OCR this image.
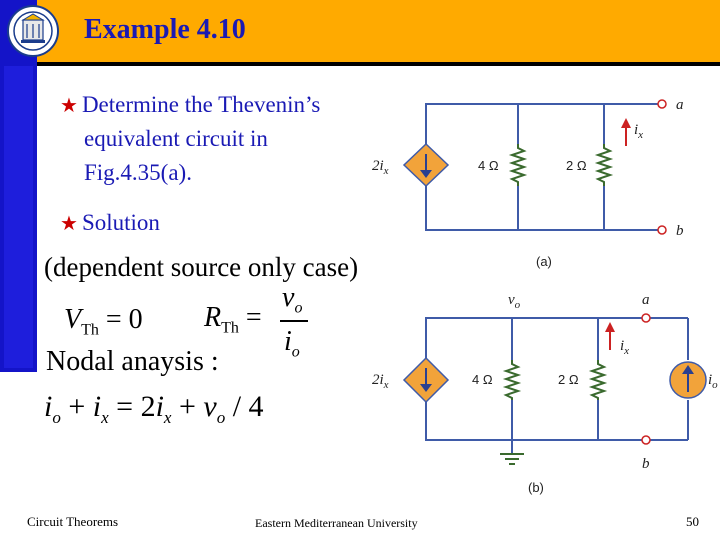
Example 4.10
★ Determine the Thevenin’s
equivalent circuit in
Fig.4.35(a).
★ Solution
(dependent source only case)
$V_{Th} = 0$ $R_{Th}$ =
$v_o$
$i_o$
Nodal anaysis :
$i_o + i_x = 2i_x + v_o / 4$
$2i_x$	4 Ω	2 Ω
$i_x$
a
b
(a)
$v_o$
$2i_x$	4 Ω	2 Ω
$i_x$
$i_o$
a
b
(b)
Circuit Theorems	Eastern Mediterranean University	50
